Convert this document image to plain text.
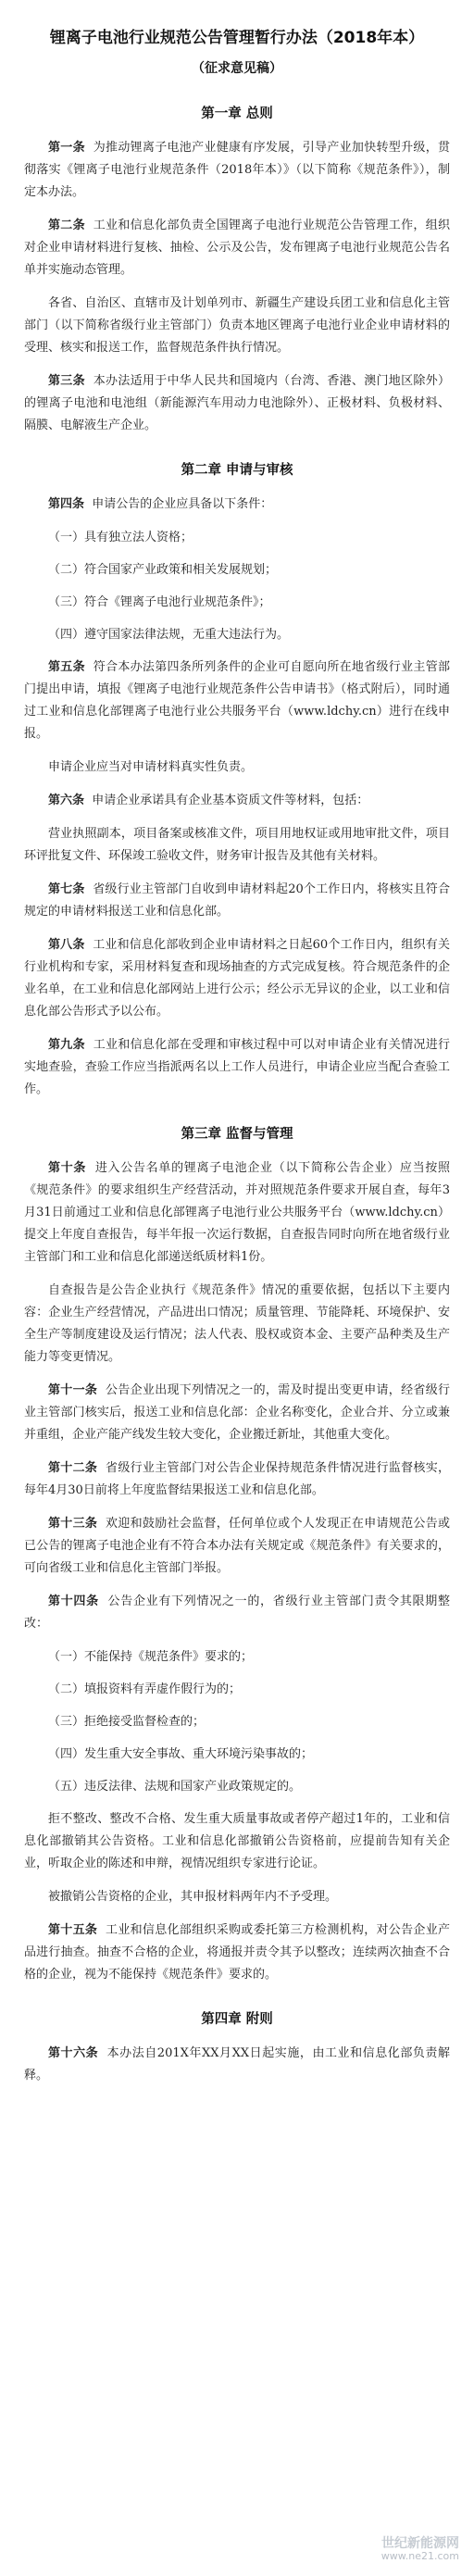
锂离子电池行业规范公告管理暂行办法（2018年本）
（征求意见稿）
第一章 总则

第一条 为推动锂离子电池产业健康有序发展，引导产业加快转型升级，贯彻落实《锂离子电池行业规范条件（2018年本）》（以下简称《规范条件》），制定本办法。

第二条 工业和信息化部负责全国锂离子电池行业规范公告管理工作，组织对企业申请材料进行复核、抽检、公示及公告，发布锂离子电池行业规范公告名单并实施动态管理。

各省、自治区、直辖市及计划单列市、新疆生产建设兵团工业和信息化主管部门（以下简称省级行业主管部门）负责本地区锂离子电池行业企业申请材料的受理、核实和报送工作，监督规范条件执行情况。

第三条 本办法适用于中华人民共和国境内（台湾、香港、澳门地区除外）的锂离子电池和电池组（新能源汽车用动力电池除外）、正极材料、负极材料、隔膜、电解液生产企业。

第二章 申请与审核

第四条 申请公告的企业应具备以下条件：

（一）具有独立法人资格；

（二）符合国家产业政策和相关发展规划；

（三）符合《锂离子电池行业规范条件》；

（四）遵守国家法律法规，无重大违法行为。

第五条 符合本办法第四条所列条件的企业可自愿向所在地省级行业主管部门提出申请，填报《锂离子电池行业规范条件公告申请书》（格式附后），同时通过工业和信息化部锂离子电池行业公共服务平台（www.ldchy.cn）进行在线申报。

申请企业应当对申请材料真实性负责。

第六条 申请企业承诺具有企业基本资质文件等材料，包括：

营业执照副本，项目备案或核准文件，项目用地权证或用地审批文件，项目环评批复文件、环保竣工验收文件，财务审计报告及其他有关材料。

第七条 省级行业主管部门自收到申请材料起20个工作日内，将核实且符合规定的申请材料报送工业和信息化部。

第八条 工业和信息化部收到企业申请材料之日起60个工作日内，组织有关行业机构和专家，采用材料复查和现场抽查的方式完成复核。符合规范条件的企业名单，在工业和信息化部网站上进行公示；经公示无异议的企业，以工业和信息化部公告形式予以公布。

第九条 工业和信息化部在受理和审核过程中可以对申请企业有关情况进行实地查验，查验工作应当指派两名以上工作人员进行，申请企业应当配合查验工作。

第三章 监督与管理

第十条 进入公告名单的锂离子电池企业（以下简称公告企业）应当按照《规范条件》的要求组织生产经营活动，并对照规范条件要求开展自查，每年3月31日前通过工业和信息化部锂离子电池行业公共服务平台（www.ldchy.cn）提交上年度自查报告，每半年报一次运行数据，自查报告同时向所在地省级行业主管部门和工业和信息化部递送纸质材料1份。

自查报告是公告企业执行《规范条件》情况的重要依据，包括以下主要内容：企业生产经营情况，产品进出口情况；质量管理、节能降耗、环境保护、安全生产等制度建设及运行情况；法人代表、股权或资本金、主要产品种类及生产能力等变更情况。

第十一条 公告企业出现下列情况之一的，需及时提出变更申请，经省级行业主管部门核实后，报送工业和信息化部：企业名称变化，企业合并、分立或兼并重组，企业产能产线发生较大变化，企业搬迁新址，其他重大变化。

第十二条 省级行业主管部门对公告企业保持规范条件情况进行监督核实，每年4月30日前将上年度监督结果报送工业和信息化部。

第十三条 欢迎和鼓励社会监督，任何单位或个人发现正在申请规范公告或已公告的锂离子电池企业有不符合本办法有关规定或《规范条件》有关要求的，可向省级工业和信息化主管部门举报。

第十四条 公告企业有下列情况之一的，省级行业主管部门责令其限期整改：

（一）不能保持《规范条件》要求的；

（二）填报资料有弄虚作假行为的；

（三）拒绝接受监督检查的；

（四）发生重大安全事故、重大环境污染事故的；

（五）违反法律、法规和国家产业政策规定的。

拒不整改、整改不合格、发生重大质量事故或者停产超过1年的，工业和信息化部撤销其公告资格。工业和信息化部撤销公告资格前，应提前告知有关企业，听取企业的陈述和申辩，视情况组织专家进行论证。

被撤销公告资格的企业，其申报材料两年内不予受理。

第十五条 工业和信息化部组织采购或委托第三方检测机构，对公告企业产品进行抽查。抽查不合格的企业，将通报并责令其予以整改；连续两次抽查不合格的企业，视为不能保持《规范条件》要求的。

第四章 附则

第十六条 本办法自201X年XX月XX日起实施，由工业和信息化部负责解释。

世纪新能源网
www.ne21.com
